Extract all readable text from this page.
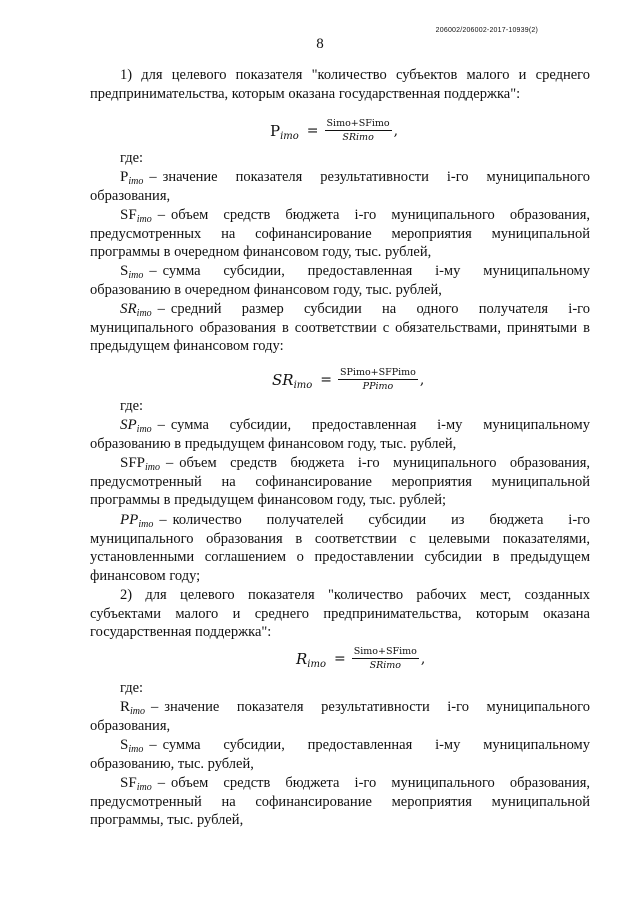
206002/206002-2017-10939(2)
8

1) для целевого показателя "количество субъектов малого и среднего предпринимательства, которым оказана государственная поддержка":

$P_{imo} = \frac{\text{Simo+SFimo}}{\text{SRimo}}$ ,
где:

$P_{imo}$ – значение показателя результативности i-го муниципального образования,

$SF_{imo}$ – объем средств бюджета i-го муниципального образования, предусмотренных на софинансирование мероприятия муниципальной программы в очередном финансовом году, тыс. рублей,

$S_{imo}$ – сумма субсидии, предоставленная i-му муниципальному образованию в очередном финансовом году, тыс. рублей,

$SR_{imo}$ – средний размер субсидии на одного получателя i-го муниципального образования в соответствии с обязательствами, принятыми в предыдущем финансовом году:

$SR_{imo} = \frac{\text{SPimo+SFPimo}}{\text{PPimo}}$ ,
где:

$SP_{imo}$ – сумма субсидии, предоставленная i-му муниципальному образованию в предыдущем финансовом году, тыс. рублей,

$SFP_{imo}$ – объем средств бюджета i-го муниципального образования, предусмотренный на софинансирование мероприятия муниципальной программы в предыдущем финансовом году, тыс. рублей;

$PP_{imo}$ – количество получателей субсидии из бюджета i-го муниципального образования в соответствии с целевыми показателями, установленными соглашением о предоставлении субсидии в предыдущем финансовом году;

2) для целевого показателя "количество рабочих мест, созданных субъектами малого и среднего предпринимательства, которым оказана государственная поддержка":

$R_{imo} = \frac{\text{Simo+SFimo}}{\text{SRimo}}$ ,
где:

$R_{imo}$ – значение показателя результативности i-го муниципального образования,

$S_{imo}$ – сумма субсидии, предоставленная i-му муниципальному образованию, тыс. рублей,

$SF_{imo}$ – объем средств бюджета i-го муниципального образования, предусмотренный на софинансирование мероприятия муниципальной программы, тыс. рублей,
